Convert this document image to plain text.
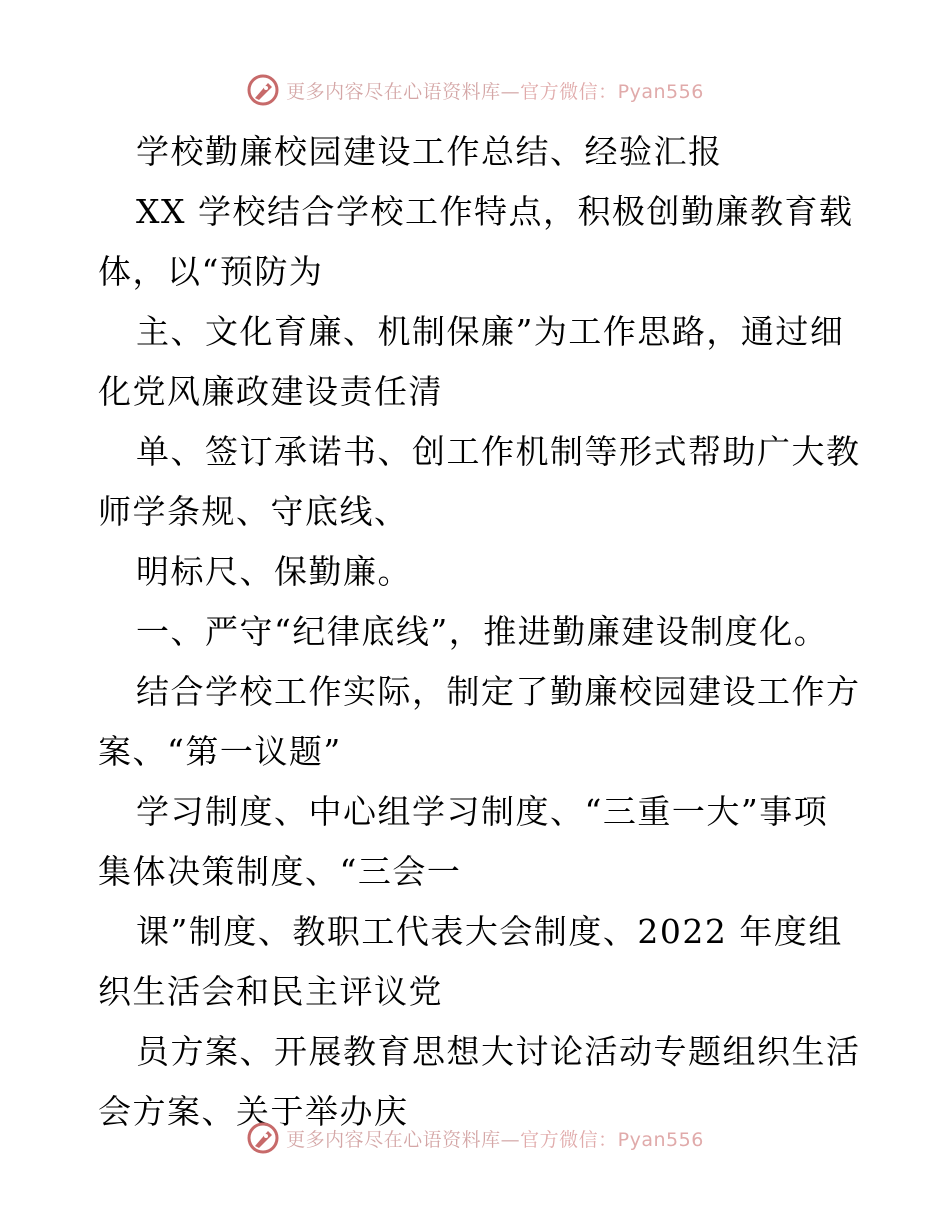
更多内容尽在心语资料库—官方微信：Pyan556
学校勤廉校园建设工作总结、经验汇报
XX 学校结合学校工作特点，积极创勤廉教育载
体，以“预防为
主、文化育廉、机制保廉”为工作思路，通过细
化党风廉政建设责任清
单、签订承诺书、创工作机制等形式帮助广大教
师学条规、守底线、
明标尺、保勤廉。
一、严守“纪律底线”，推进勤廉建设制度化。
结合学校工作实际，制定了勤廉校园建设工作方
案、“第一议题”
学习制度、中心组学习制度、“三重一大”事项
集体决策制度、“三会一
课”制度、教职工代表大会制度、2022 年度组
织生活会和民主评议党
员方案、开展教育思想大讨论活动专题组织生活
会方案、关于举办庆
更多内容尽在心语资料库—官方微信：Pyan556
